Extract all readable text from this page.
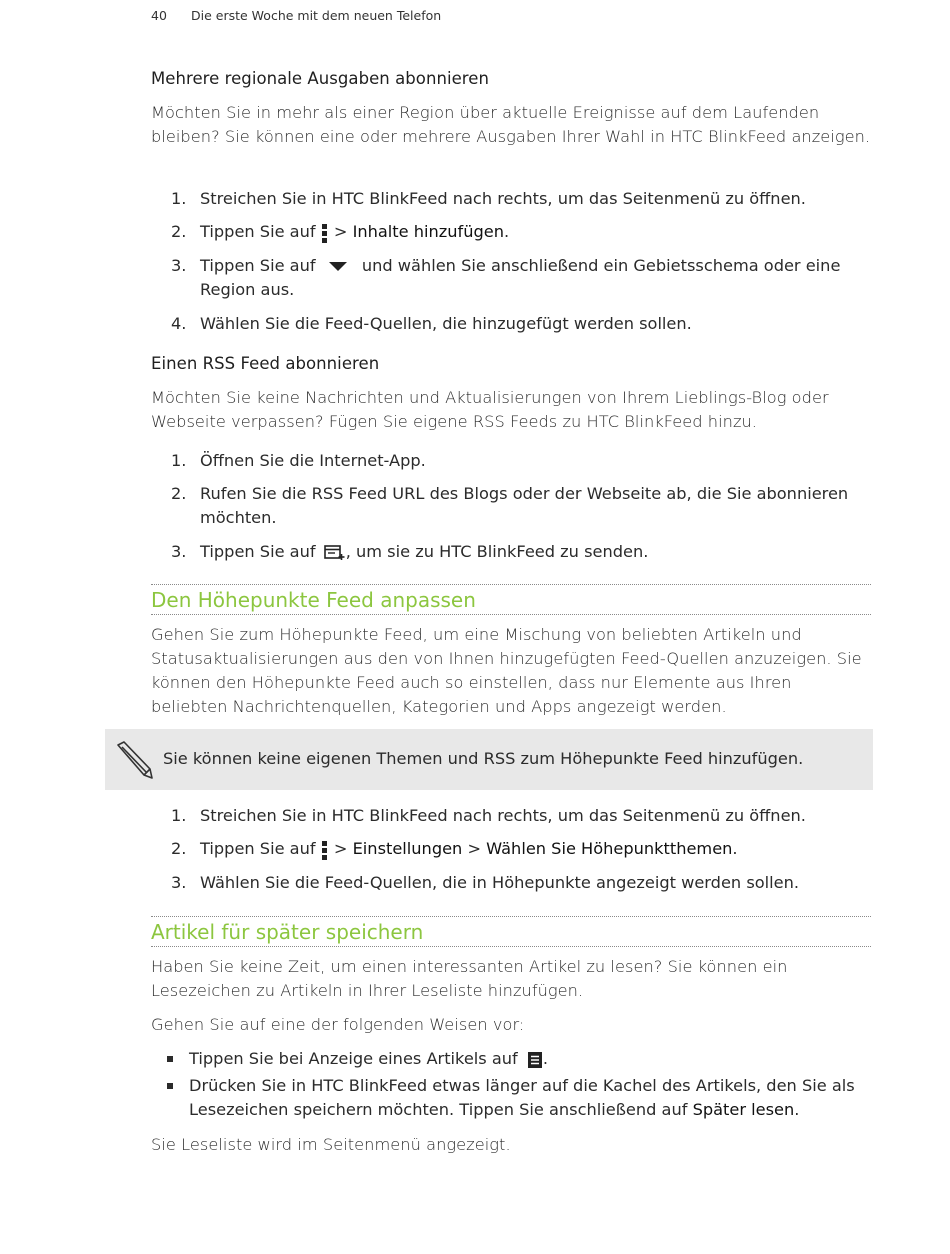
40 Die erste Woche mit dem neuen Telefon
Mehrere regionale Ausgaben abonnieren
Möchten Sie in mehr als einer Region über aktuelle Ereignisse auf dem Laufenden bleiben? Sie können eine oder mehrere Ausgaben Ihrer Wahl in HTC BlinkFeed anzeigen.
1. Streichen Sie in HTC BlinkFeed nach rechts, um das Seitenmenü zu öffnen.
2. Tippen Sie auf  > Inhalte hinzufügen.
3. Tippen Sie auf	und wählen Sie anschließend ein Gebietsschema oder eine Region aus.
4. Wählen Sie die Feed-Quellen, die hinzugefügt werden sollen.
Einen RSS Feed abonnieren
Möchten Sie keine Nachrichten und Aktualisierungen von Ihrem Lieblings-Blog oder Webseite verpassen? Fügen Sie eigene RSS Feeds zu HTC BlinkFeed hinzu.
1. Öffnen Sie die Internet-App.
2. Rufen Sie die RSS Feed URL des Blogs oder der Webseite ab, die Sie abonnieren möchten.
3. Tippen Sie auf , um sie zu HTC BlinkFeed zu senden.
Den Höhepunkte Feed anpassen
Gehen Sie zum Höhepunkte Feed, um eine Mischung von beliebten Artikeln und Statusaktualisierungen aus den von Ihnen hinzugefügten Feed-Quellen anzuzeigen. Sie können den Höhepunkte Feed auch so einstellen, dass nur Elemente aus Ihren beliebten Nachrichtenquellen, Kategorien und Apps angezeigt werden.
Sie können keine eigenen Themen und RSS zum Höhepunkte Feed hinzufügen.
1. Streichen Sie in HTC BlinkFeed nach rechts, um das Seitenmenü zu öffnen.
2. Tippen Sie auf  > Einstellungen > Wählen Sie Höhepunktthemen.
3. Wählen Sie die Feed-Quellen, die in Höhepunkte angezeigt werden sollen.
Artikel für später speichern
Haben Sie keine Zeit, um einen interessanten Artikel zu lesen? Sie können ein Lesezeichen zu Artikeln in Ihrer Leseliste hinzufügen.
Gehen Sie auf eine der folgenden Weisen vor:
Tippen Sie bei Anzeige eines Artikels auf .
Drücken Sie in HTC BlinkFeed etwas länger auf die Kachel des Artikels, den Sie als Lesezeichen speichern möchten. Tippen Sie anschließend auf Später lesen.
Sie Leseliste wird im Seitenmenü angezeigt.
